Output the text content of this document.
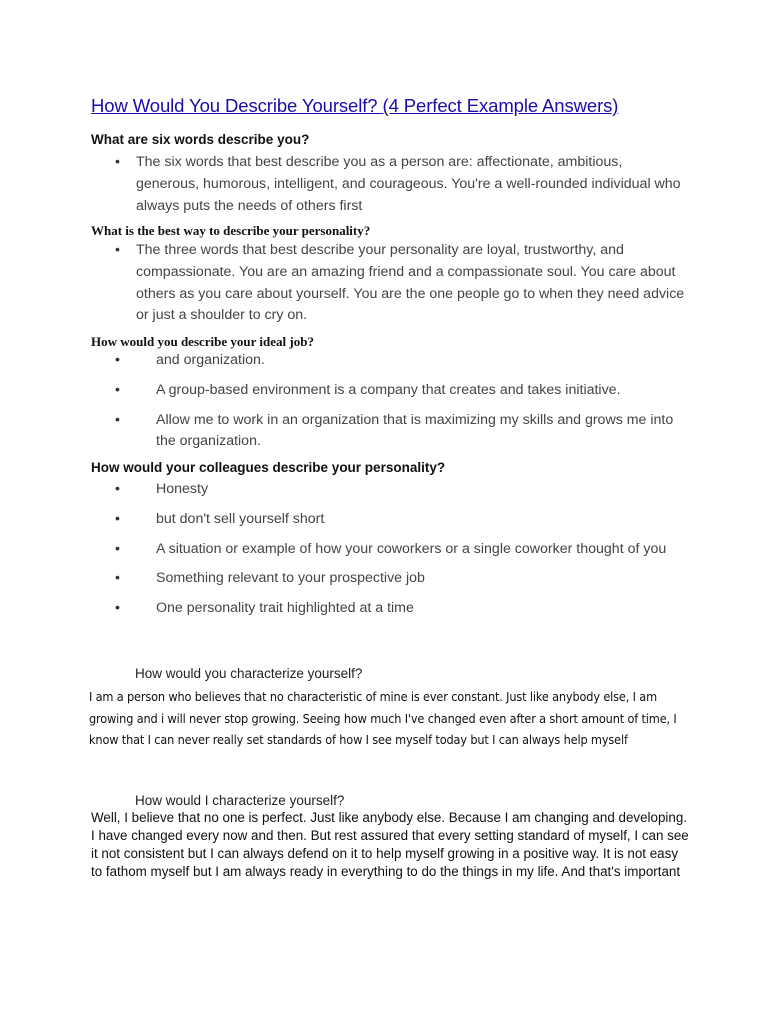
How Would You Describe Yourself? (4 Perfect Example Answers)
What are six words describe you?
• The six words that best describe you as a person are: affectionate, ambitious, generous, humorous, intelligent, and courageous. You're a well-rounded individual who always puts the needs of others first
What is the best way to describe your personality?
• The three words that best describe your personality are loyal, trustworthy, and compassionate. You are an amazing friend and a compassionate soul. You care about others as you care about yourself. You are the one people go to when they need advice or just a shoulder to cry on.
How would you describe your ideal job?
• and organization.
• A group-based environment is a company that creates and takes initiative.
• Allow me to work in an organization that is maximizing my skills and grows me into the organization.
How would your colleagues describe your personality?
• Honesty
• but don't sell yourself short
• A situation or example of how your coworkers or a single coworker thought of you
• Something relevant to your prospective job
• One personality trait highlighted at a time
How would you characterize yourself?
I am a person who believes that no characteristic of mine is ever constant. Just like anybody else, I am growing and i will never stop growing. Seeing how much I've changed even after a short amount of time, I know that I can never really set standards of how I see myself today but I can always help myself
How would I characterize yourself?
Well, I believe that no one is perfect. Just like anybody else. Because I am changing and developing. I have changed every now and then. But rest assured that every setting standard of myself, I can see it not consistent but I can always defend on it to help myself growing in a positive way. It is not easy to fathom myself but I am always ready in everything to do the things in my life. And that's important
